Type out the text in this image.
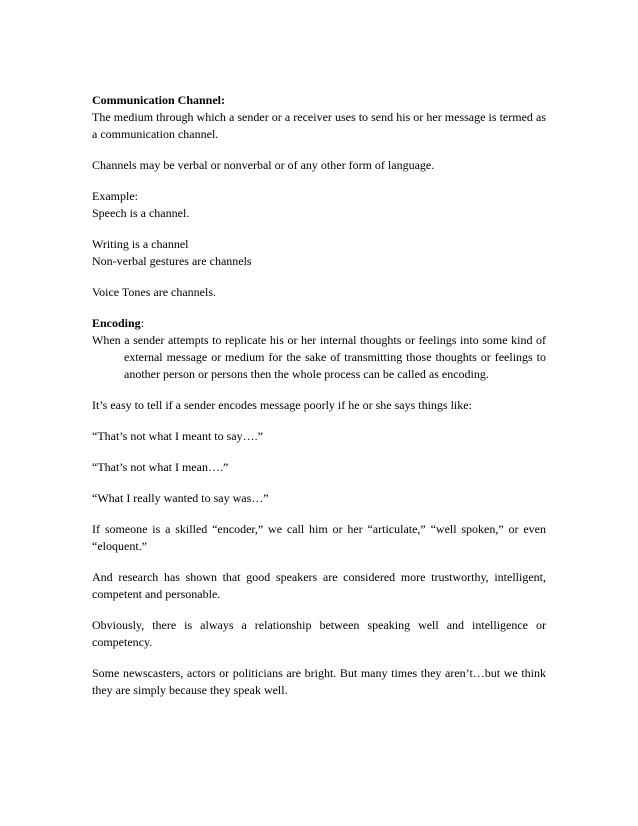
Communication Channel:

The medium through which a sender or a receiver uses to send his or her message is termed as a communication channel.

Channels may be verbal or nonverbal or of any other form of language.

Example:

Speech is a channel.

Writing is a channel

Non-verbal gestures are channels

Voice Tones are channels.

Encoding:

When a sender attempts to replicate his or her internal thoughts or feelings into some kind of external message or medium for the sake of transmitting those thoughts or feelings to another person or persons then the whole process can be called as encoding.

It’s easy to tell if a sender encodes message poorly if he or she says things like:

“That’s not what I meant to say….”

“That’s not what I mean….”

“What I really wanted to say was…”

If someone is a skilled “encoder,” we call him or her “articulate,” “well spoken,” or even “eloquent.”

And research has shown that good speakers are considered more trustworthy, intelligent, competent and personable.

Obviously, there is always a relationship between speaking well and intelligence or competency.

Some newscasters, actors or politicians are bright. But many times they aren’t…but we think they are simply because they speak well.
